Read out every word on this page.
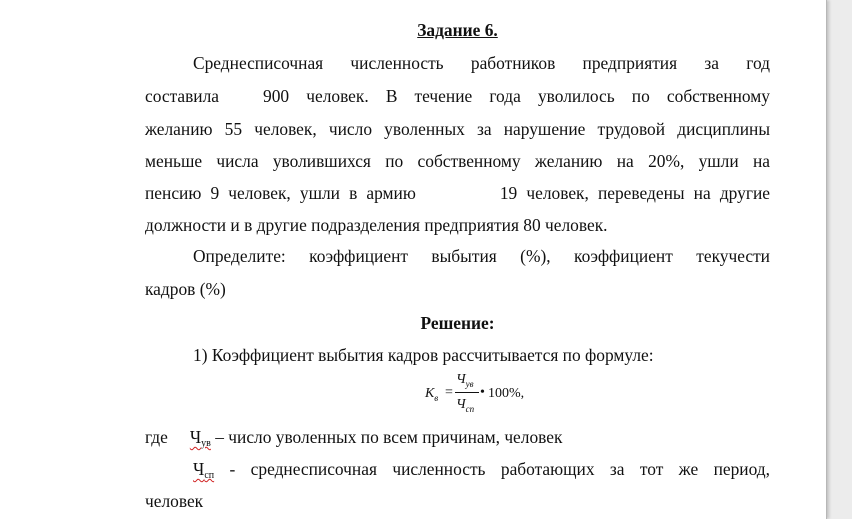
Задание 6.
Среднесписочная численность работников предприятия за год
составила	900 человек. В течение года уволилось по собственному
желанию 55 человек, число уволенных за нарушение трудовой дисциплины
меньше числа уволившихся по собственному желанию на 20%, ушли на
пенсию 9 человек, ушли в армию	19 человек, переведены на другие
должности и в другие подразделения предприятия 80 человек.
Определите: коэффициент выбытия (%), коэффициент текучести
кадров (%)
Решение:
1) Коэффициент выбытия кадров рассчитывается по формуле:
где $Ч_{ув}$ – число уволенных по всем причинам, человек
$Ч_{сп}$ - среднесписочная численность работающих за тот же период,
человек
$К_в$ =
$Ч_{ув}$
$Ч_{сп}$
• 100%,
